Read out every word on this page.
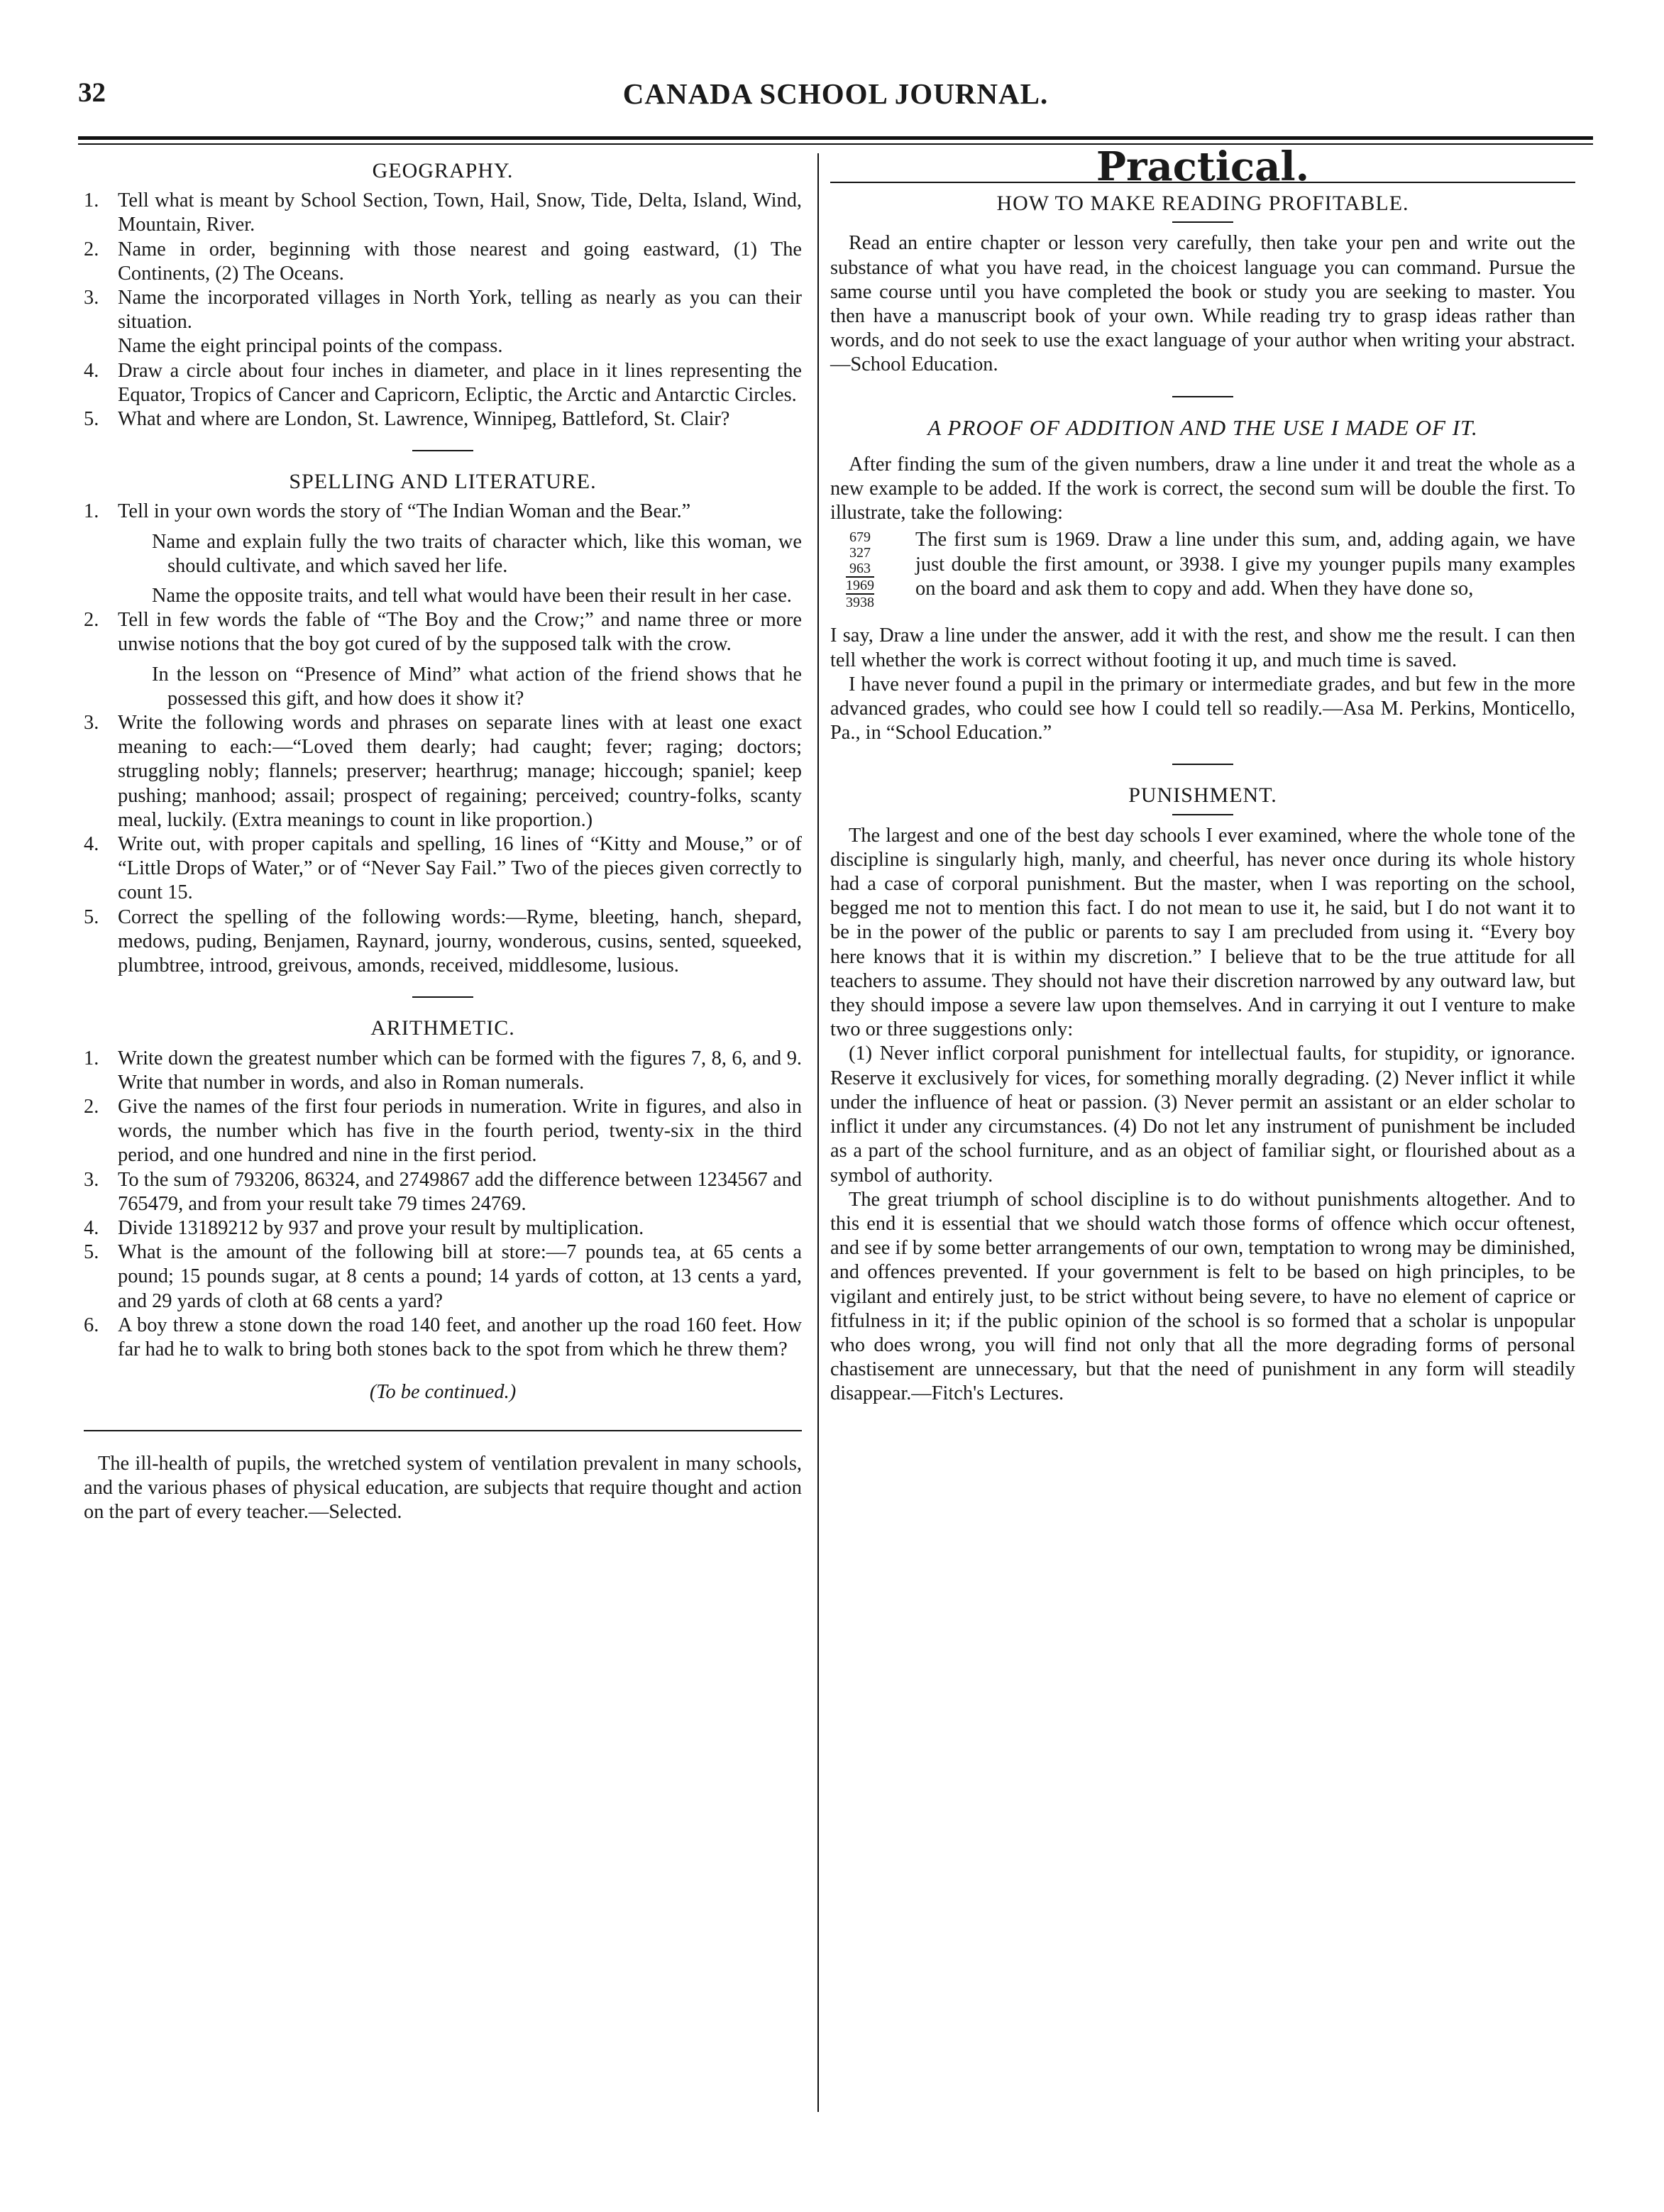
32	CANADA SCHOOL JOURNAL.
GEOGRAPHY.
1. Tell what is meant by School Section, Town, Hail, Snow, Tide, Delta, Island, Wind, Mountain, River.
2. Name in order, beginning with those nearest and going eastward, (1) The Continents, (2) The Oceans.
3. Name the incorporated villages in North York, telling as nearly as you can their situation.
Name the eight principal points of the compass.
4. Draw a circle about four inches in diameter, and place in it lines representing the Equator, Tropics of Cancer and Capricorn, Ecliptic, the Arctic and Antarctic Circles.
5. What and where are London, St. Lawrence, Winnipeg, Battleford, St. Clair?
SPELLING AND LITERATURE.
1. Tell in your own words the story of “The Indian Woman and the Bear.”
Name and explain fully the two traits of character which, like this woman, we should cultivate, and which saved her life.
Name the opposite traits, and tell what would have been their result in her case.
2. Tell in few words the fable of “The Boy and the Crow;” and name three or more unwise notions that the boy got cured of by the supposed talk with the crow.
In the lesson on “Presence of Mind” what action of the friend shows that he possessed this gift, and how does it show it?
3. Write the following words and phrases on separate lines with at least one exact meaning to each:—“Loved them dearly; had caught; fever; raging; doctors; struggling nobly; flannels; preserver; hearthrug; manage; hiccough; spaniel; keep pushing; manhood; assail; prospect of regaining; perceived; country-folks, scanty meal, luckily. (Extra meanings to count in like proportion.)
4. Write out, with proper capitals and spelling, 16 lines of “Kitty and Mouse,” or of “Little Drops of Water,” or of “Never Say Fail.” Two of the pieces given correctly to count 15.
5. Correct the spelling of the following words:—Ryme, bleeting, hanch, shepard, medows, puding, Benjamen, Raynard, journy, wonderous, cusins, sented, squeeked, plumbtree, introod, greivous, amonds, received, middlesome, lusious.
ARITHMETIC.
1. Write down the greatest number which can be formed with the figures 7, 8, 6, and 9. Write that number in words, and also in Roman numerals.
2. Give the names of the first four periods in numeration. Write in figures, and also in words, the number which has five in the fourth period, twenty-six in the third period, and one hundred and nine in the first period.
3. To the sum of 793206, 86324, and 2749867 add the difference between 1234567 and 765479, and from your result take 79 times 24769.
4. Divide 13189212 by 937 and prove your result by multiplication.
5. What is the amount of the following bill at store:—7 pounds tea, at 65 cents a pound; 15 pounds sugar, at 8 cents a pound; 14 yards of cotton, at 13 cents a yard, and 29 yards of cloth at 68 cents a yard?
6. A boy threw a stone down the road 140 feet, and another up the road 160 feet. How far had he to walk to bring both stones back to the spot from which he threw them?
(To be continued.)

The ill-health of pupils, the wretched system of ventilation prevalent in many schools, and the various phases of physical education, are subjects that require thought and action on the part of every teacher.—Selected.

Practical.
HOW TO MAKE READING PROFITABLE.

Read an entire chapter or lesson very carefully, then take your pen and write out the substance of what you have read, in the choicest language you can command. Pursue the same course until you have completed the book or study you are seeking to master. You then have a manuscript book of your own. While reading try to grasp ideas rather than words, and do not seek to use the exact language of your author when writing your abstract.—School Education.

A PROOF OF ADDITION AND THE USE I MADE OF IT.

After finding the sum of the given numbers, draw a line under it and treat the whole as a new example to be added. If the work is correct, the second sum will be double the first. To illustrate, take the following:

679
327
963
1969
3938
The first sum is 1969. Draw a line under this sum, and, adding again, we have just double the first amount, or 3938. I give my younger pupils many examples on the board and ask them to copy and add. When they have done so,

I say, Draw a line under the answer, add it with the rest, and show me the result. I can then tell whether the work is correct without footing it up, and much time is saved.

I have never found a pupil in the primary or intermediate grades, and but few in the more advanced grades, who could see how I could tell so readily.—Asa M. Perkins, Monticello, Pa., in “School Education.”

PUNISHMENT.

The largest and one of the best day schools I ever examined, where the whole tone of the discipline is singularly high, manly, and cheerful, has never once during its whole history had a case of corporal punishment. But the master, when I was reporting on the school, begged me not to mention this fact. I do not mean to use it, he said, but I do not want it to be in the power of the public or parents to say I am precluded from using it. “Every boy here knows that it is within my discretion.” I believe that to be the true attitude for all teachers to assume. They should not have their discretion narrowed by any outward law, but they should impose a severe law upon themselves. And in carrying it out I venture to make two or three suggestions only:

(1) Never inflict corporal punishment for intellectual faults, for stupidity, or ignorance. Reserve it exclusively for vices, for something morally degrading. (2) Never inflict it while under the influence of heat or passion. (3) Never permit an assistant or an elder scholar to inflict it under any circumstances. (4) Do not let any instrument of punishment be included as a part of the school furniture, and as an object of familiar sight, or flourished about as a symbol of authority.

The great triumph of school discipline is to do without punishments altogether. And to this end it is essential that we should watch those forms of offence which occur oftenest, and see if by some better arrangements of our own, temptation to wrong may be diminished, and offences prevented. If your government is felt to be based on high principles, to be vigilant and entirely just, to be strict without being severe, to have no element of caprice or fitfulness in it; if the public opinion of the school is so formed that a scholar is unpopular who does wrong, you will find not only that all the more degrading forms of personal chastisement are unnecessary, but that the need of punishment in any form will steadily disappear.—Fitch's Lectures.
